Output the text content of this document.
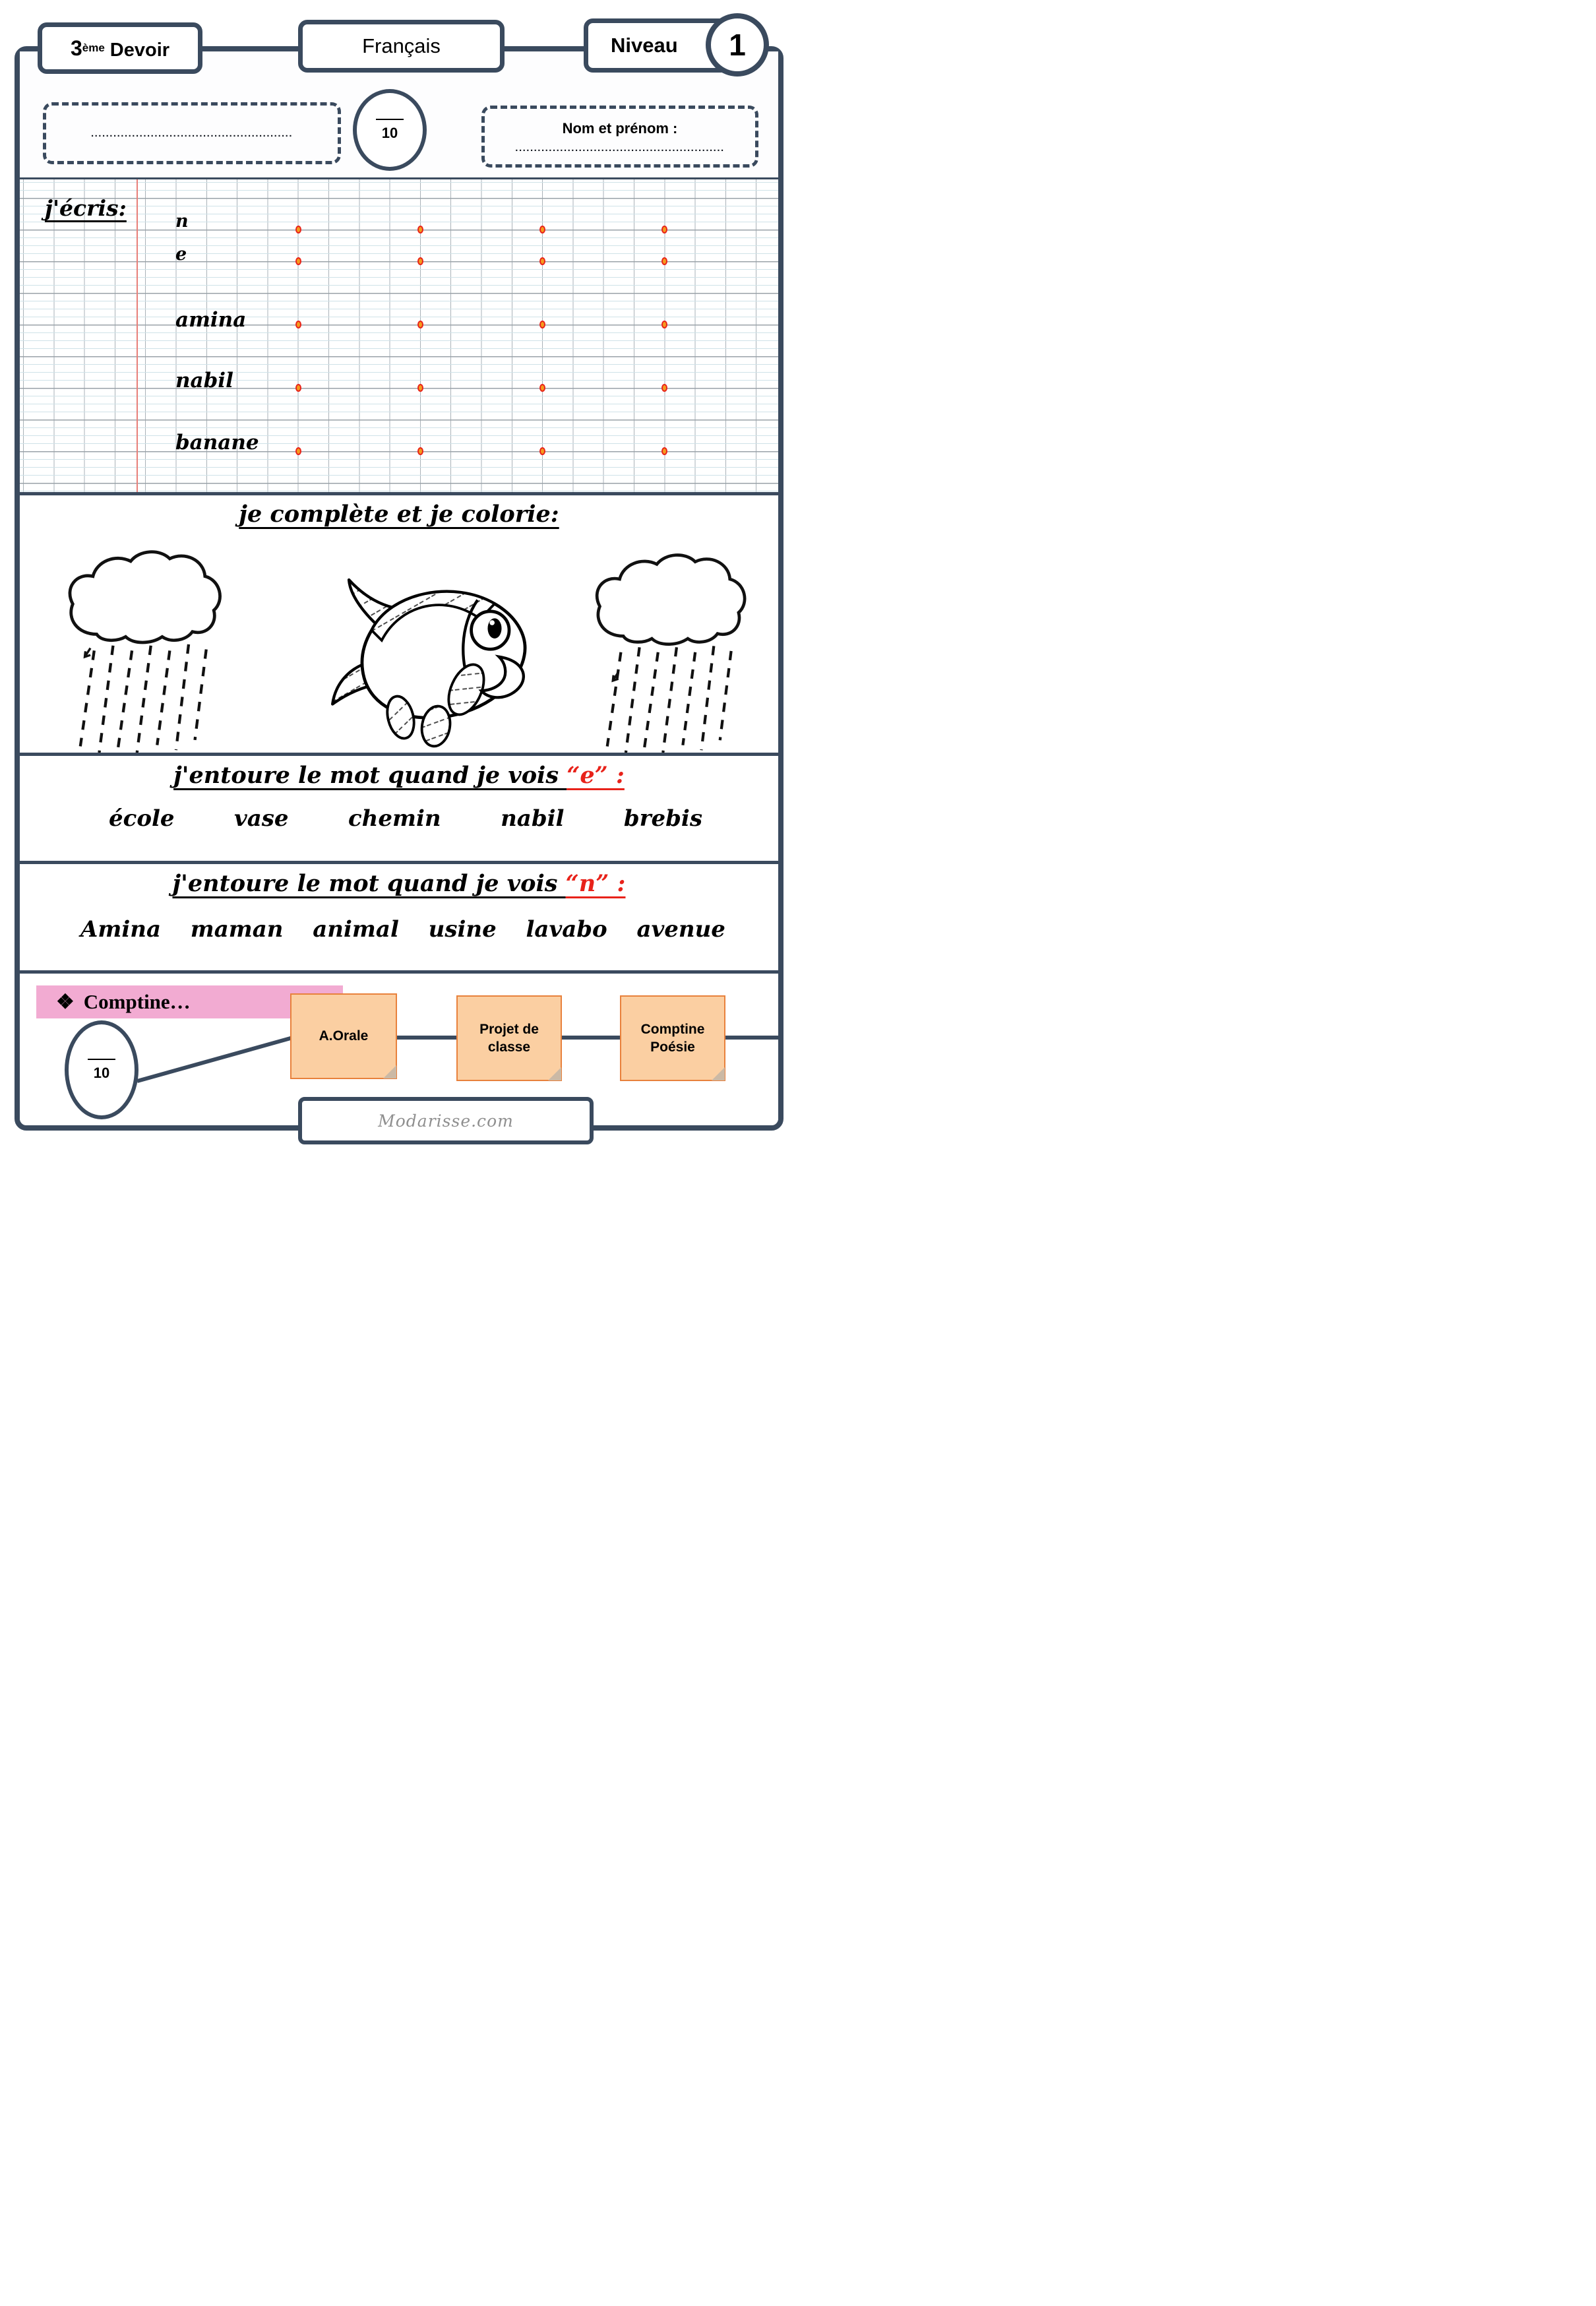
3 ème Devoir	Français	Niveau 1
......................................................	10	Nom et prénom :
........................................................
j'écris:
n
e
amina
nabil
banane
je complète et je colorie:
j'entoure le mot quand je vois “e” :
école	vase	chemin	nabil	brebis
j'entoure le mot quand je vois “n” :
Amina maman animal usine lavabo avenue
❖ Comptine…
10
A.Orale	Projet de classe
Comptine Poésie
Modarisse.com
